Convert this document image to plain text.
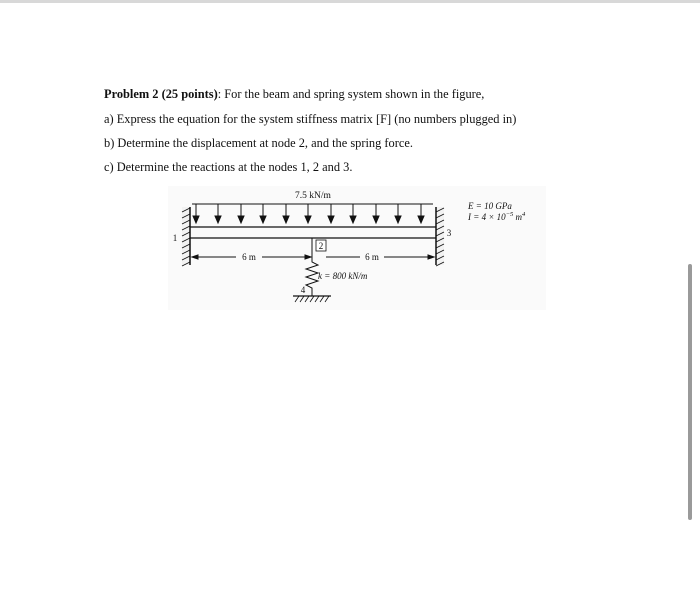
Problem 2 (25 points): For the beam and spring system shown in the figure,
a) Express the equation for the system stiffness matrix [F] (no numbers plugged in)
b) Determine the displacement at node 2, and the spring force.
c) Determine the reactions at the nodes 1, 2 and 3.
7.5 kN/m
1
2
3
6 m	6 m
k = 800 kN/m
4
E = 10 GPa
$I = 4 \times 10^{-5}$ $m^4$
